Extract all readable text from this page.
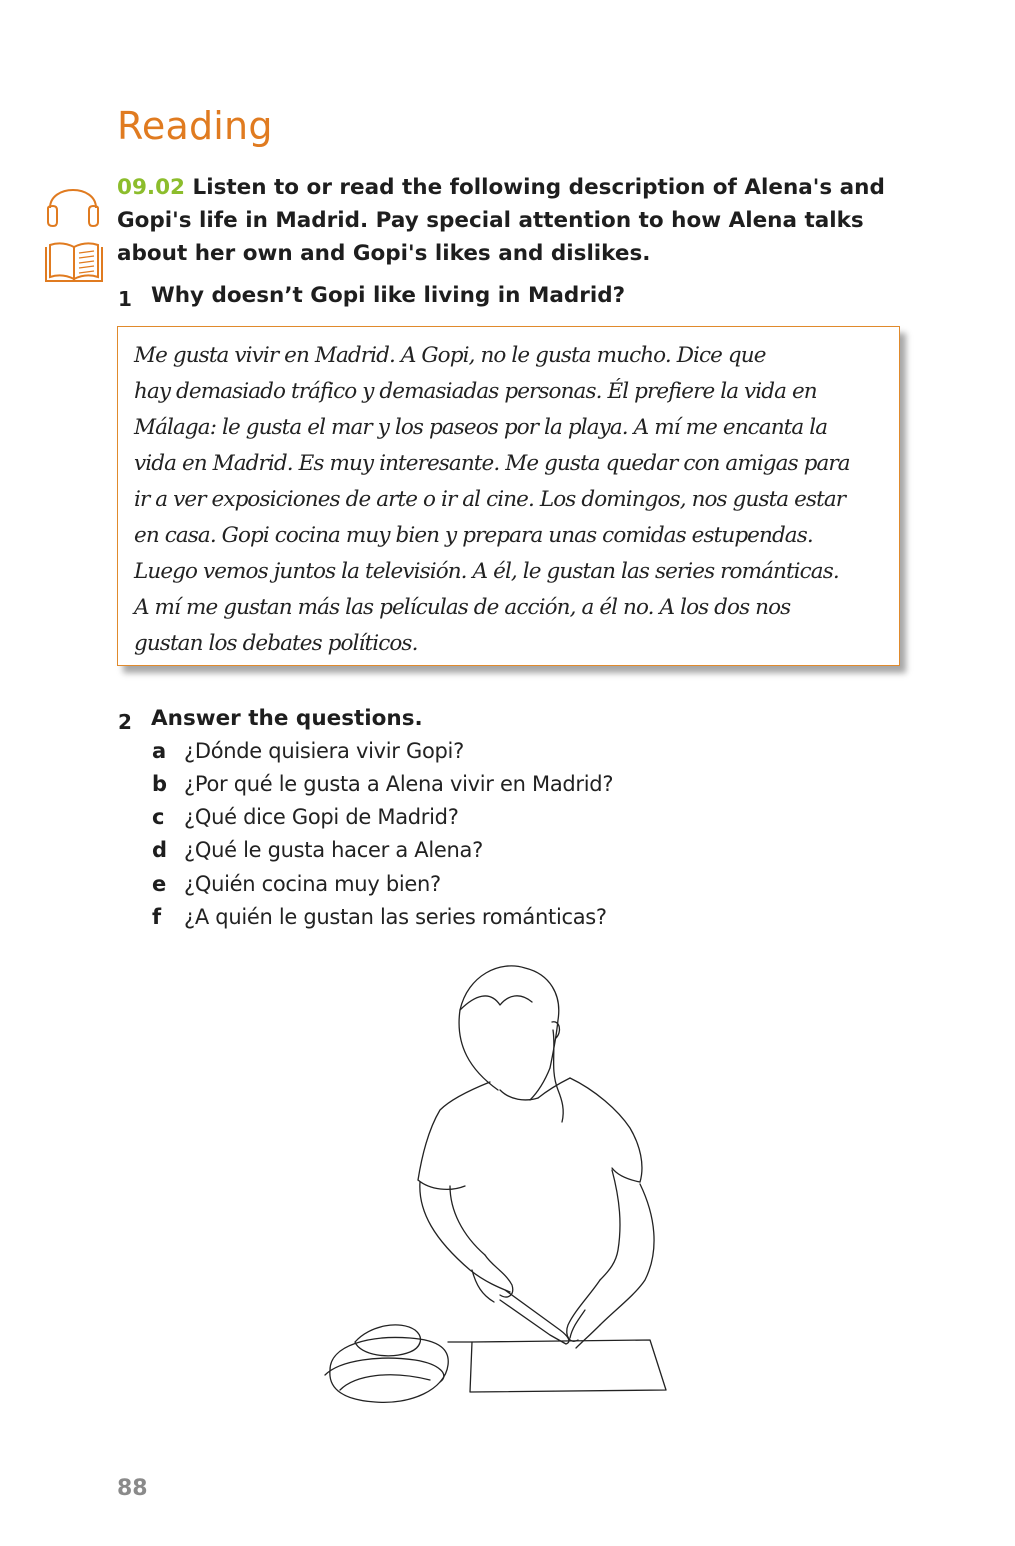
Reading

09.02 Listen to or read the following description of Alena's and Gopi's life in Madrid. Pay special attention to how Alena talks about her own and Gopi's likes and dislikes.

1 Why doesn’t Gopi like living in Madrid?
Me gusta vivir en Madrid. A Gopi, no le gusta mucho. Dice que
hay demasiado tráfico y demasiadas personas. Él prefiere la vida en
Málaga: le gusta el mar y los paseos por la playa. A mí me encanta la
vida en Madrid. Es muy interesante. Me gusta quedar con amigas para
ir a ver exposiciones de arte o ir al cine. Los domingos, nos gusta estar
en casa. Gopi cocina muy bien y prepara unas comidas estupendas.
Luego vemos juntos la televisión. A él, le gustan las series románticas.
A mí me gustan más las películas de acción, a él no. A los dos nos
gustan los debates políticos.
2 Answer the questions.
a ¿Dónde quisiera vivir Gopi?
b ¿Por qué le gusta a Alena vivir en Madrid?
c ¿Qué dice Gopi de Madrid?
d ¿Qué le gusta hacer a Alena?
e ¿Quién cocina muy bien?
f ¿A quién le gustan las series románticas?
88
